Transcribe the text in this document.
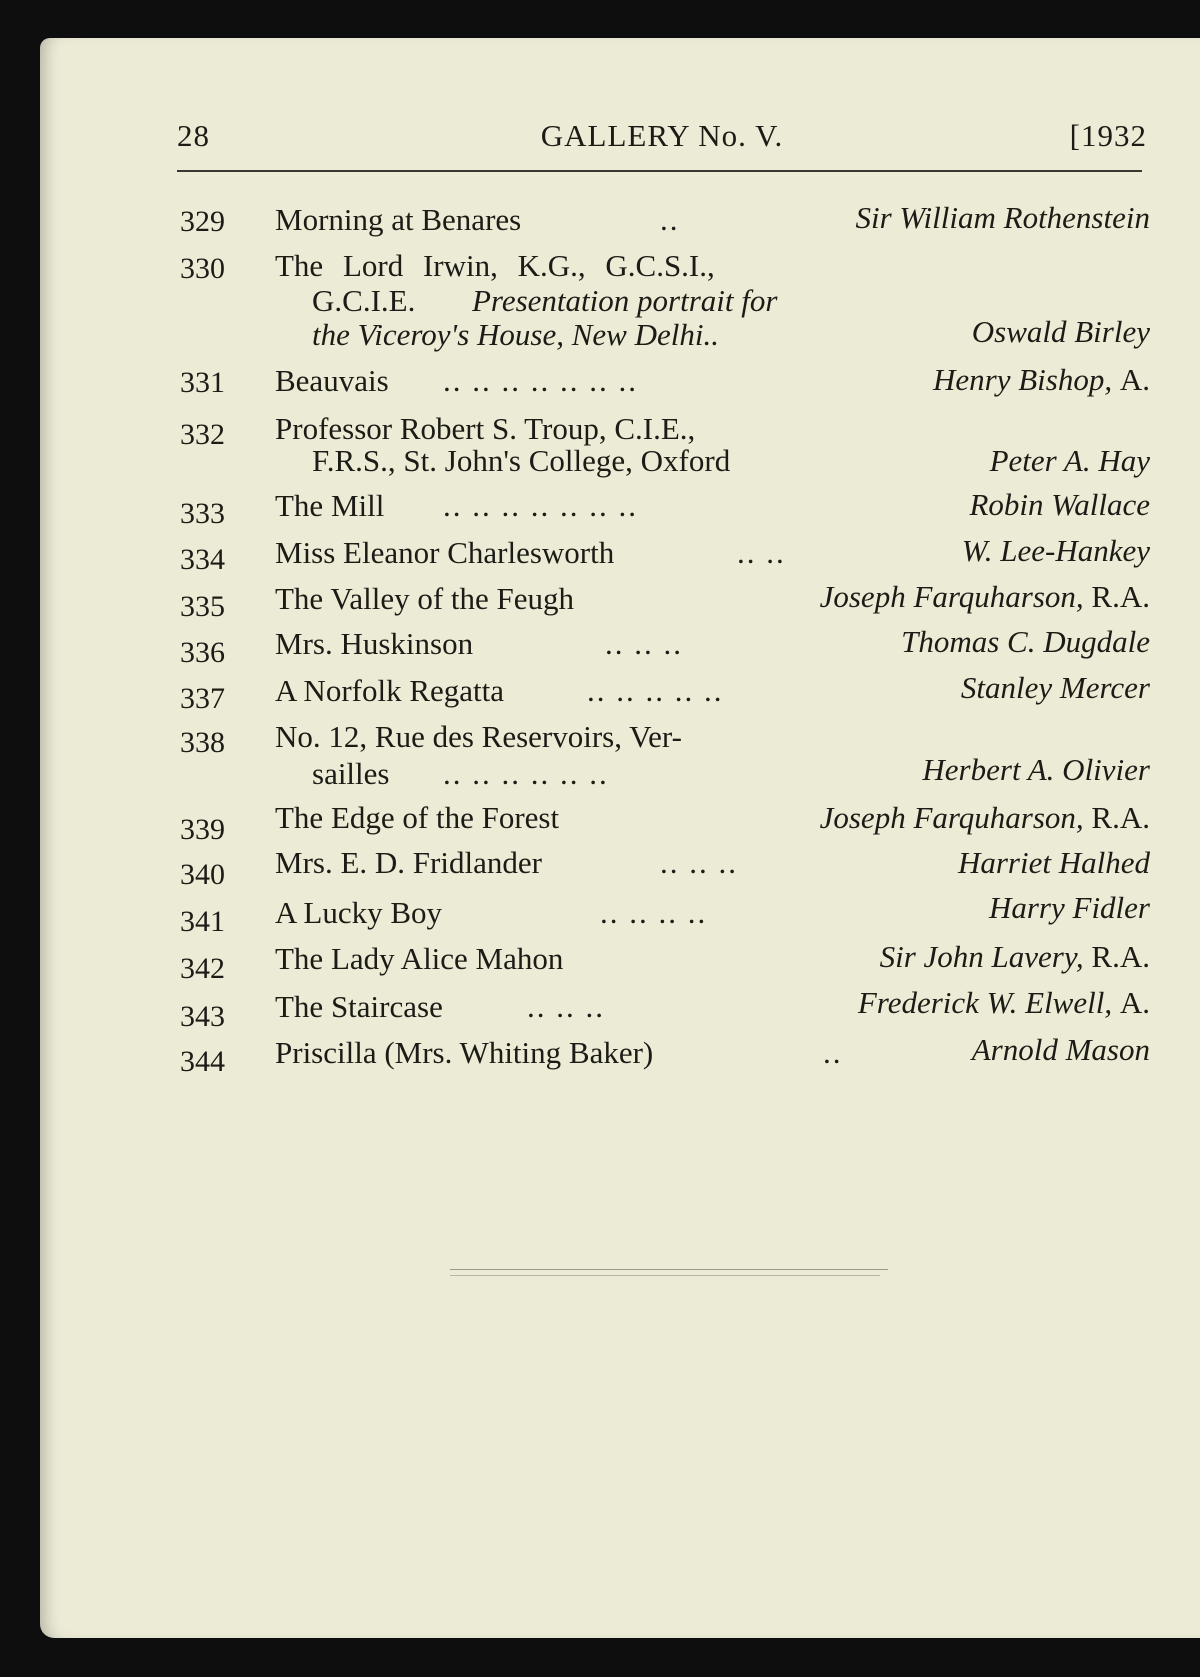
28	GALLERY No. V.	[1932
329	Morning at Benares	..	Sir William Rothenstein
330	The Lord Irwin, K.G., G.C.S.I.,
G.C.I.E. Presentation portrait for
the Viceroy's House, New Delhi..	Oswald Birley
331	Beauvais .. .. .. .. .. .. ..	Henry Bishop, A.
332	Professor Robert S. Troup, C.I.E.,
F.R.S., St. John's College, Oxford	Peter A. Hay
333	The Mill .. .. .. .. .. .. ..	Robin Wallace
334	Miss Eleanor Charlesworth	.. ..	W. Lee-Hankey
335	The Valley of the Feugh	Joseph Farquharson, R.A.
336	Mrs. Huskinson	.. .. ..	Thomas C. Dugdale
337	A Norfolk Regatta	.. .. .. .. ..	Stanley Mercer
338	No. 12, Rue des Reservoirs, Ver-
sailles .. .. .. .. .. ..	Herbert A. Olivier
339	The Edge of the Forest	Joseph Farquharson, R.A.
340	Mrs. E. D. Fridlander	.. .. ..	Harriet Halhed
341	A Lucky Boy	.. .. .. ..	Harry Fidler
342	The Lady Alice Mahon	Sir John Lavery, R.A.
343	The Staircase	.. .. ..	Frederick W. Elwell, A.
344	Priscilla (Mrs. Whiting Baker)	..	Arnold Mason
